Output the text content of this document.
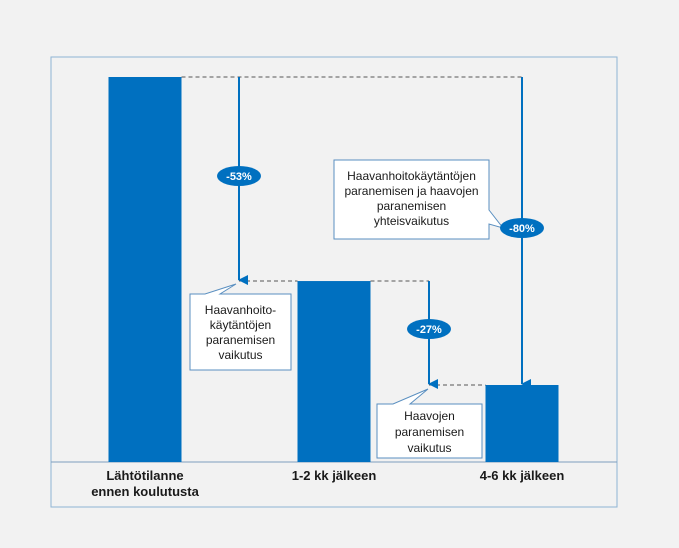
Haavanhoito-käytäntöjen paranemisen vaikutus
Haavojen paranemisen vaikutus
Haavanhoitokäytäntöjen paranemisen ja haavojen paranemisen yhteisvaikutus
-53%
-27%
-80%
Lähtötilanne ennen koulutusta
1-2 kk jälkeen	4-6 kk jälkeen
